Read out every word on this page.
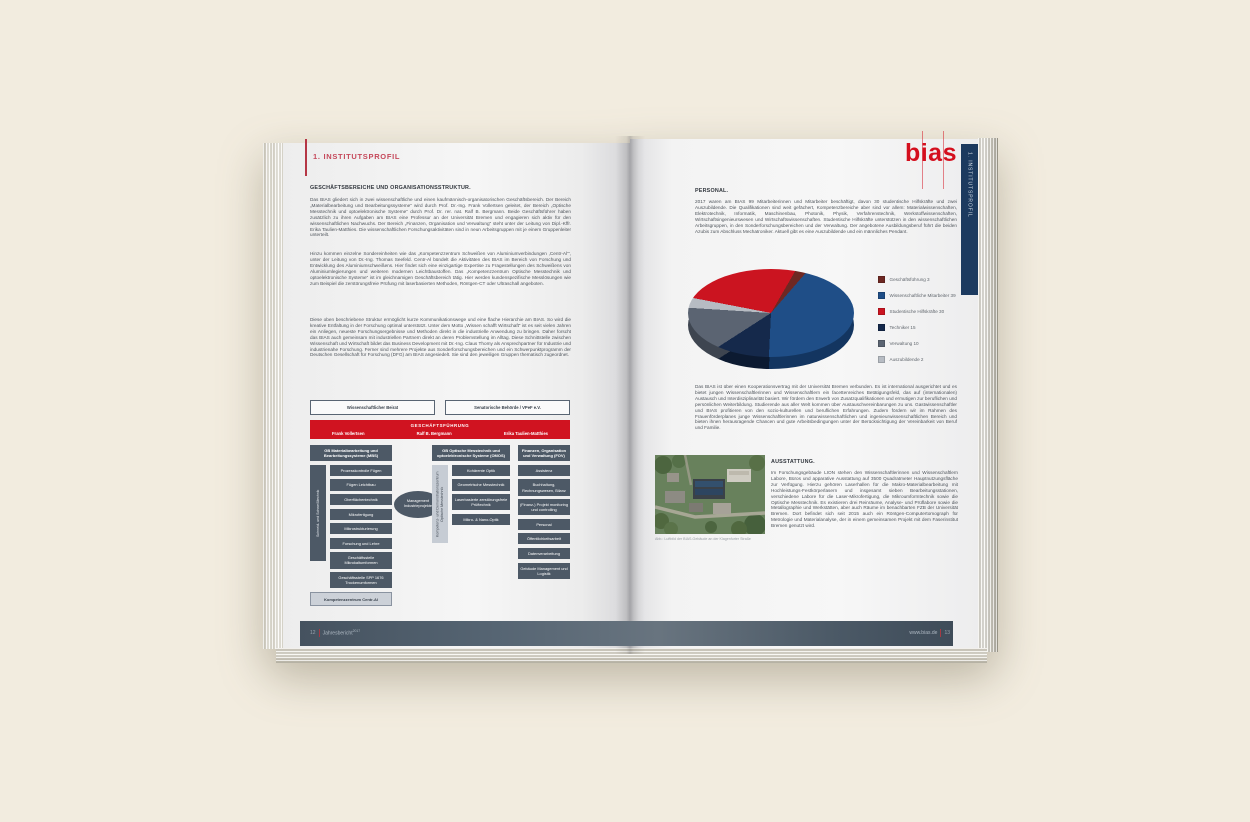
1. INSTITUTSPROFIL
GESCHÄFTSBEREICHE UND ORGANISATIONSSTRUKTUR.
Das BIAS gliedert sich in zwei wissenschaftliche und einen kaufmännisch-organisatorischen Geschäftsbereich. Der Bereich „Materialbearbeitung und Bearbeitungssysteme“ wird durch Prof. Dr.-Ing. Frank Vollertsen geleitet, der Bereich „Optische Messtechnik und optoelektronische Systeme“ durch Prof. Dr. rer. nat. Ralf B. Bergmann. Beide Geschäftsführer haben zusätzlich zu ihren Aufgaben am BIAS eine Professur an der Universität Bremen und engagieren sich aktiv für den wissenschaftlichen Nachwuchs. Der Bereich „Finanzen, Organisation und Verwaltung“ steht unter der Leitung von Dipl.-Kffr. Erika Taulien-Matthies. Die wissenschaftlichen Forschungsaktivitäten sind in neun Arbeitsgruppen mit je einem Gruppenleiter unterteilt.
Hinzu kommen einzelne Sondereinheiten wie das „Kompetenzzentrum Schweißen von Aluminiumverbindungen ‚Centr-Al‘“, unter der Leitung von Dr.-Ing. Thomas Seefeld. Centr-Al bündelt die Aktivitäten des BIAS im Bereich von Forschung und Entwicklung des Aluminiumschweißens. Hier findet sich eine einzigartige Expertise zu Fragestellungen des Schweißens von Aluminiumlegierungen und weiteren modernen Leichtbaustoffen. Das „Kompetenzzentrum Optische Messtechnik und optoelektronische Systeme“ ist im gleichnamigen Geschäftsbereich tätig. Hier werden kundenspezifische Messlösungen wie zum Beispiel die zerstörungsfreie Prüfung mit laserbasierten Methoden, Röntgen-CT oder Ultraschall angeboten.
Diese oben beschriebene Struktur ermöglicht kurze Kommunikationswege und eine flache Hierarchie am BIAS. So wird die kreative Entfaltung in der Forschung optimal unterstützt. Unter dem Motto „Wissen schafft Wirtschaft“ ist es seit vielen Jahren ein Anliegen, neueste Forschungsergebnisse und Methoden direkt in die industrielle Anwendung zu bringen. Daher forscht das BIAS auch gemeinsam mit industriellen Partnern direkt an deren Problemstellung im Alltag. Diese Schnittstelle zwischen Wissenschaft und Wirtschaft bildet das Business Development mit Dr.-Ing. Claus Thomy als Ansprechpartner für Industrie und industrienahe Forschung. Ferner sind mehrere Projekte aus Sonderforschungsbereichen und ein Schwerpunktprogramm der Deutschen Gesellschaft für Forschung (DFG) am BIAS angesiedelt. Sie sind den jeweiligen Gruppen thematisch zugeordnet.
Wissenschaftlicher Beirat	Senatorische Behörde / VPeF e.V.
GESCHÄFTSFÜHRUNG
Frank Vollertsen	Ralf B. Bergmann	Erika Taulien-Matthies
GB Materialbearbeitung und Bearbeitungssysteme (MBS)
Schneid- und Schweißtechnik
Prozesskontrolle Fügen
Fügen Leichtbau
Oberflächentechnik
Mikrofertigung
Mikrostrukturierung
Forschung und Lehre
Geschäftsstelle Mikrokaltumformen
Geschäftsstelle SPP 1676 Trockenumformen
Kompetenzzentrum Centr-Al
Management Industrieprojekte
GB Optische Messtechnik und optoelektronische Systeme (OMOS)
Kompetenz- und Demonstrationszentrum Optische Messtechnik
Kohärente Optik
Geometrische Messtechnik
Laserbasierte zerstörungsfreie Prüftechnik
Mikro- & Nano-Optik
Finanzen, Organisation und Verwaltung (FOV)
Assistenz
Buchhaltung, Rechnungswesen, Bilanz
(Finanz-) Projekt monitoring und controlling
Personal
Öffentlichkeitsarbeit
Datenverarbeitung
Gebäude Management und Logistik
bias	1. INSTITUTSPROFIL
PERSONAL.
2017 waren am BIAS 99 Mitarbeiterinnen und Mitarbeiter beschäftigt, davon 30 studentische Hilfskräfte und zwei Auszubildende. Die Qualifikationen sind weit gefächert, Kompetenzbereiche aber sind vor allem: Materialwissenschaften, Elektrotechnik, Informatik, Maschinenbau, Photonik, Physik, Verfahrenstechnik, Werkstoffwissenschaften, Wirtschaftsingenieurswesen und Wirtschaftswissenschaften. Studentische Hilfskräfte unterstützen in den wissenschaftlichen Arbeitsgruppen, in den Sonderforschungsbereichen und der Verwaltung. Der angebotene Ausbildungsberuf führt die beiden Azubis zum Abschluss Mechatroniker. Aktuell gibt es eine Auszubildende und ein männliches Pendant.
Geschäftsführung 3
Wissenschaftliche Mitarbeiter 39
Studentische Hilfskräfte 30
Techniker 15
Verwaltung 10
Auszubildende 2
Das BIAS ist über einen Kooperationsvertrag mit der Universität Bremen verbunden. Es ist international ausgerichtet und es bietet jungen Wissenschaftlerinnen und Wissenschaftlern ein facettenreiches Betätigungsfeld, das auf (internationalen) Austausch und Interdisziplinarität basiert. Wir fördern den Erwerb von Zusatzqualifikationen und ermutigen zur beruflichen und persönlichen Weiterbildung. Studierende aus aller Welt kommen über Austauschvereinbarungen zu uns. Gastwissenschaftler und BIAS profitieren von den sozio-kulturellen und beruflichen Erfahrungen. Zudem fördern wir im Rahmen des Frauenförderplanes junge Wissenschaftlerinnen im naturwissenschaftlichen und ingenieurwissenschaftlichen Bereich und bieten ihnen herausragende Chancen und gute Arbeitsbedingungen unter der Berücksichtigung der Vereinbarkeit von Beruf und Familie.
Abb.: Luftbild der BIAS-Gebäude an der Klagenfurter Straße
AUSSTATTUNG.
Im Forschungsgebäude LION stehen den Wissenschaftlerinnen und Wissenschaftlern Labore, Büros und apparative Ausstattung auf 3500 Quadratmeter Hauptnutzungsfläche zur Verfügung. Hierzu gehören Laserhallen für die Makro-Materialbearbeitung mit Hochleistungs-Festkörperlasern und insgesamt sieben Bearbeitungsstationen, verschiedene Labore für die Laser-Mikrofertigung, die Mikroumformtechnik sowie die Optische Messtechnik. Es existieren drei Reinräume, Analyse- und Prüflabore sowie die Metallographie und Werkstätten, aber auch Räume im benachbarten FZB der Universität Bremen. Dort befindet sich seit 2015 auch ein Röntgen-Computertomograph für Metrologie und Materialanalyse, der in einem gemeinsamen Projekt mit dem Faserinstitut Bremen genutzt wird.
12 Jahresbericht$^{2017}$	www.bias.de 13
